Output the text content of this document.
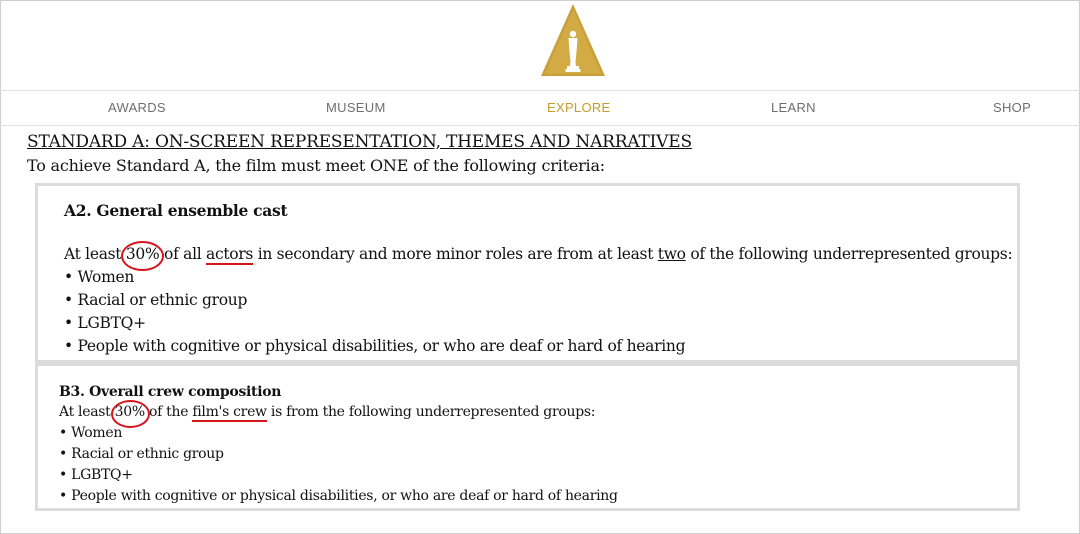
AWARDS	MUSEUM	EXPLORE	LEARN	SHOP
STANDARD A: ON-SCREEN REPRESENTATION, THEMES AND NARRATIVES

To achieve Standard A, the film must meet ONE of the following criteria:

A2. General ensemble cast
At least 30%
of all actors in secondary and more minor roles are from at least two of the following underrepresented groups:
• Women
• Racial or ethnic group
• LGBTQ+
• People with cognitive or physical disabilities, or who are deaf or hard of hearing
B3. Overall crew composition
At least 30%
of the film's crew is from the following underrepresented groups:
• Women
• Racial or ethnic group
• LGBTQ+
• People with cognitive or physical disabilities, or who are deaf or hard of hearing
